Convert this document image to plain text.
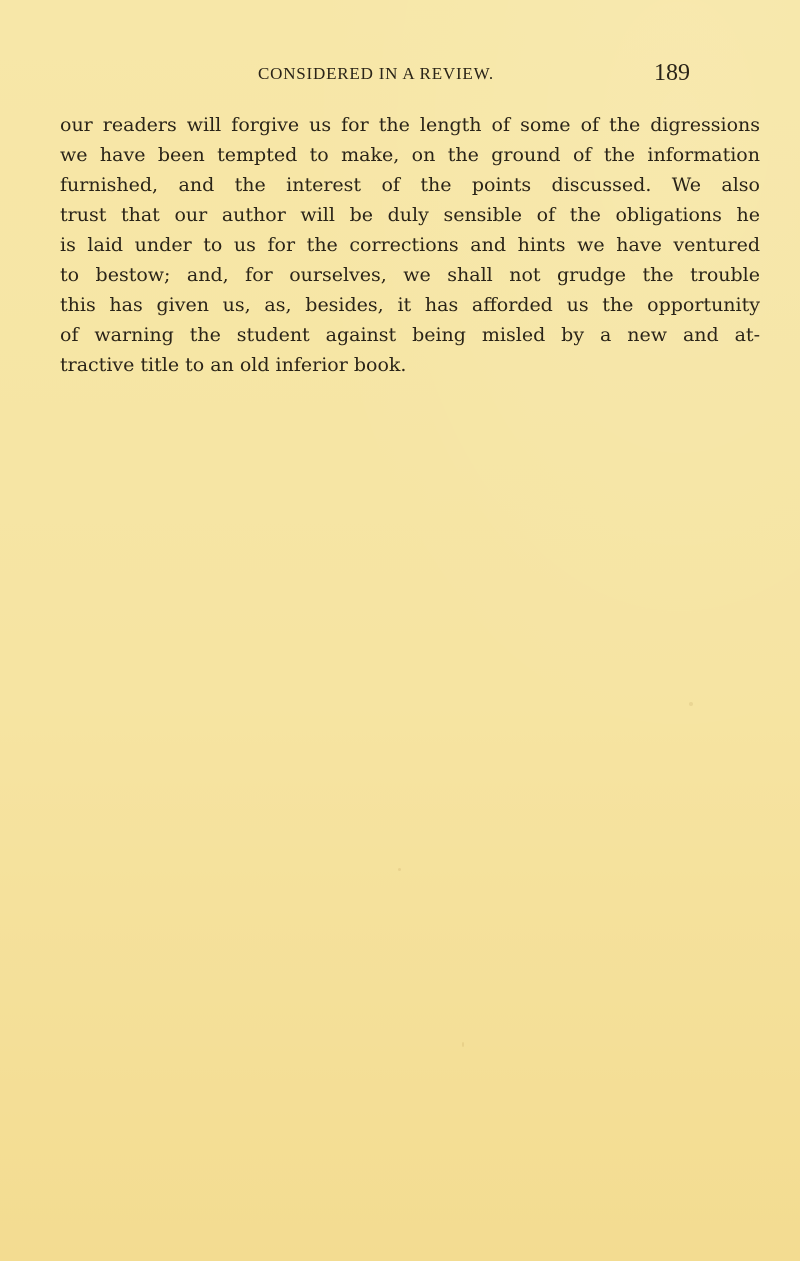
CONSIDERED IN A REVIEW.	189
our readers will forgive us for the length of some of the digressions
we have been tempted to make, on the ground of the information
furnished, and the interest of the points discussed. We also
trust that our author will be duly sensible of the obligations he
is laid under to us for the corrections and hints we have ventured
to bestow; and, for ourselves, we shall not grudge the trouble
this has given us, as, besides, it has afforded us the opportunity
of warning the student against being misled by a new and at-
tractive title to an old inferior book.
